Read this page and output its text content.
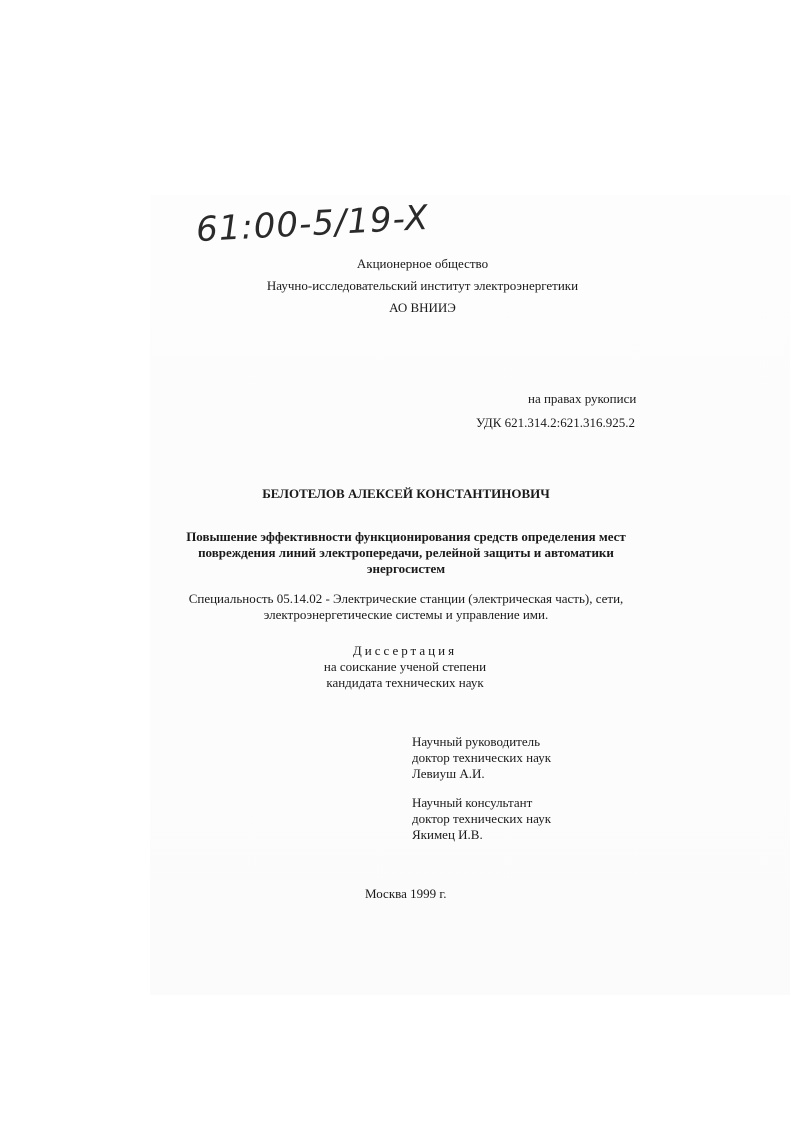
61:00-5/19-X
Акционерное общество
Научно-исследовательский институт электроэнергетики
АО ВНИИЭ
на правах рукописи
УДК 621.314.2:621.316.925.2
БЕЛОТЕЛОВ АЛЕКСЕЙ КОНСТАНТИНОВИЧ
Повышение эффективности функционирования средств определения мест
повреждения линий электропередачи, релейной защиты и автоматики
энергосистем
Специальность 05.14.02 - Электрические станции (электрическая часть), сети,
электроэнергетические системы и управление ими.
Диссертация
на соискание ученой степени
кандидата технических наук
Научный руководитель
доктор технических наук
Левиуш А.И.
Научный консультант
доктор технических наук
Якимец И.В.
Москва 1999 г.
